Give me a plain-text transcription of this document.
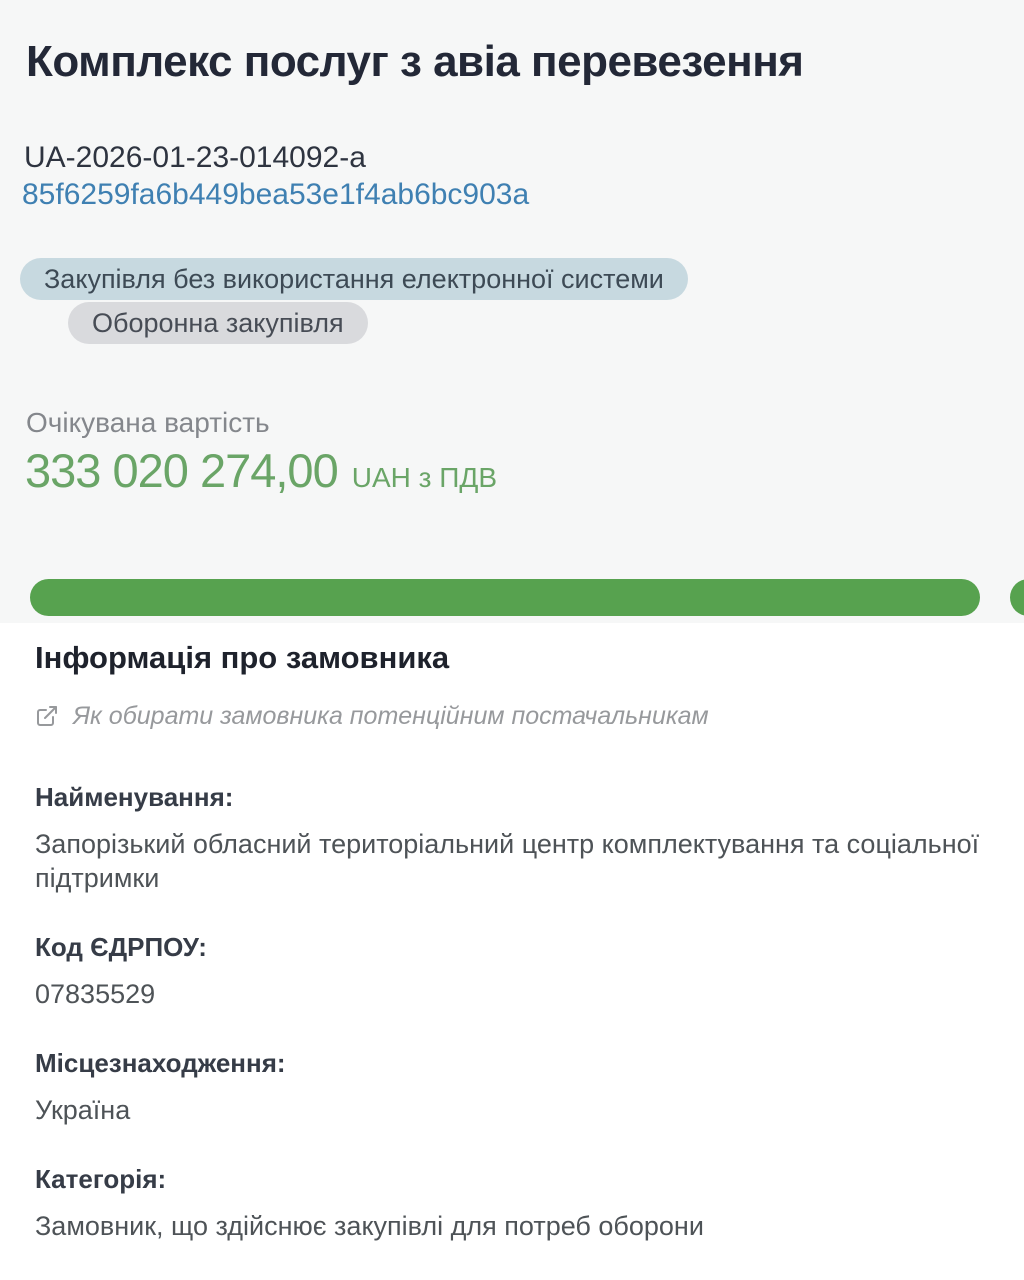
Комплекс послуг з авіа перевезення
UA-2026-01-23-014092-a
85f6259fa6b449bea53e1f4ab6bc903a
Закупівля без використання електронної системи
Оборонна закупівля
Очікувана вартість
333 020 274,00 UAH з ПДВ
Інформація про замовника
Як обирати замовника потенційним постачальникам
Найменування:
Запорізький обласний територіальний центр комплектування та соціальної підтримки
Код ЄДРПОУ:
07835529
Місцезнаходження:
Україна
Категорія:
Замовник, що здійснює закупівлі для потреб оборони
